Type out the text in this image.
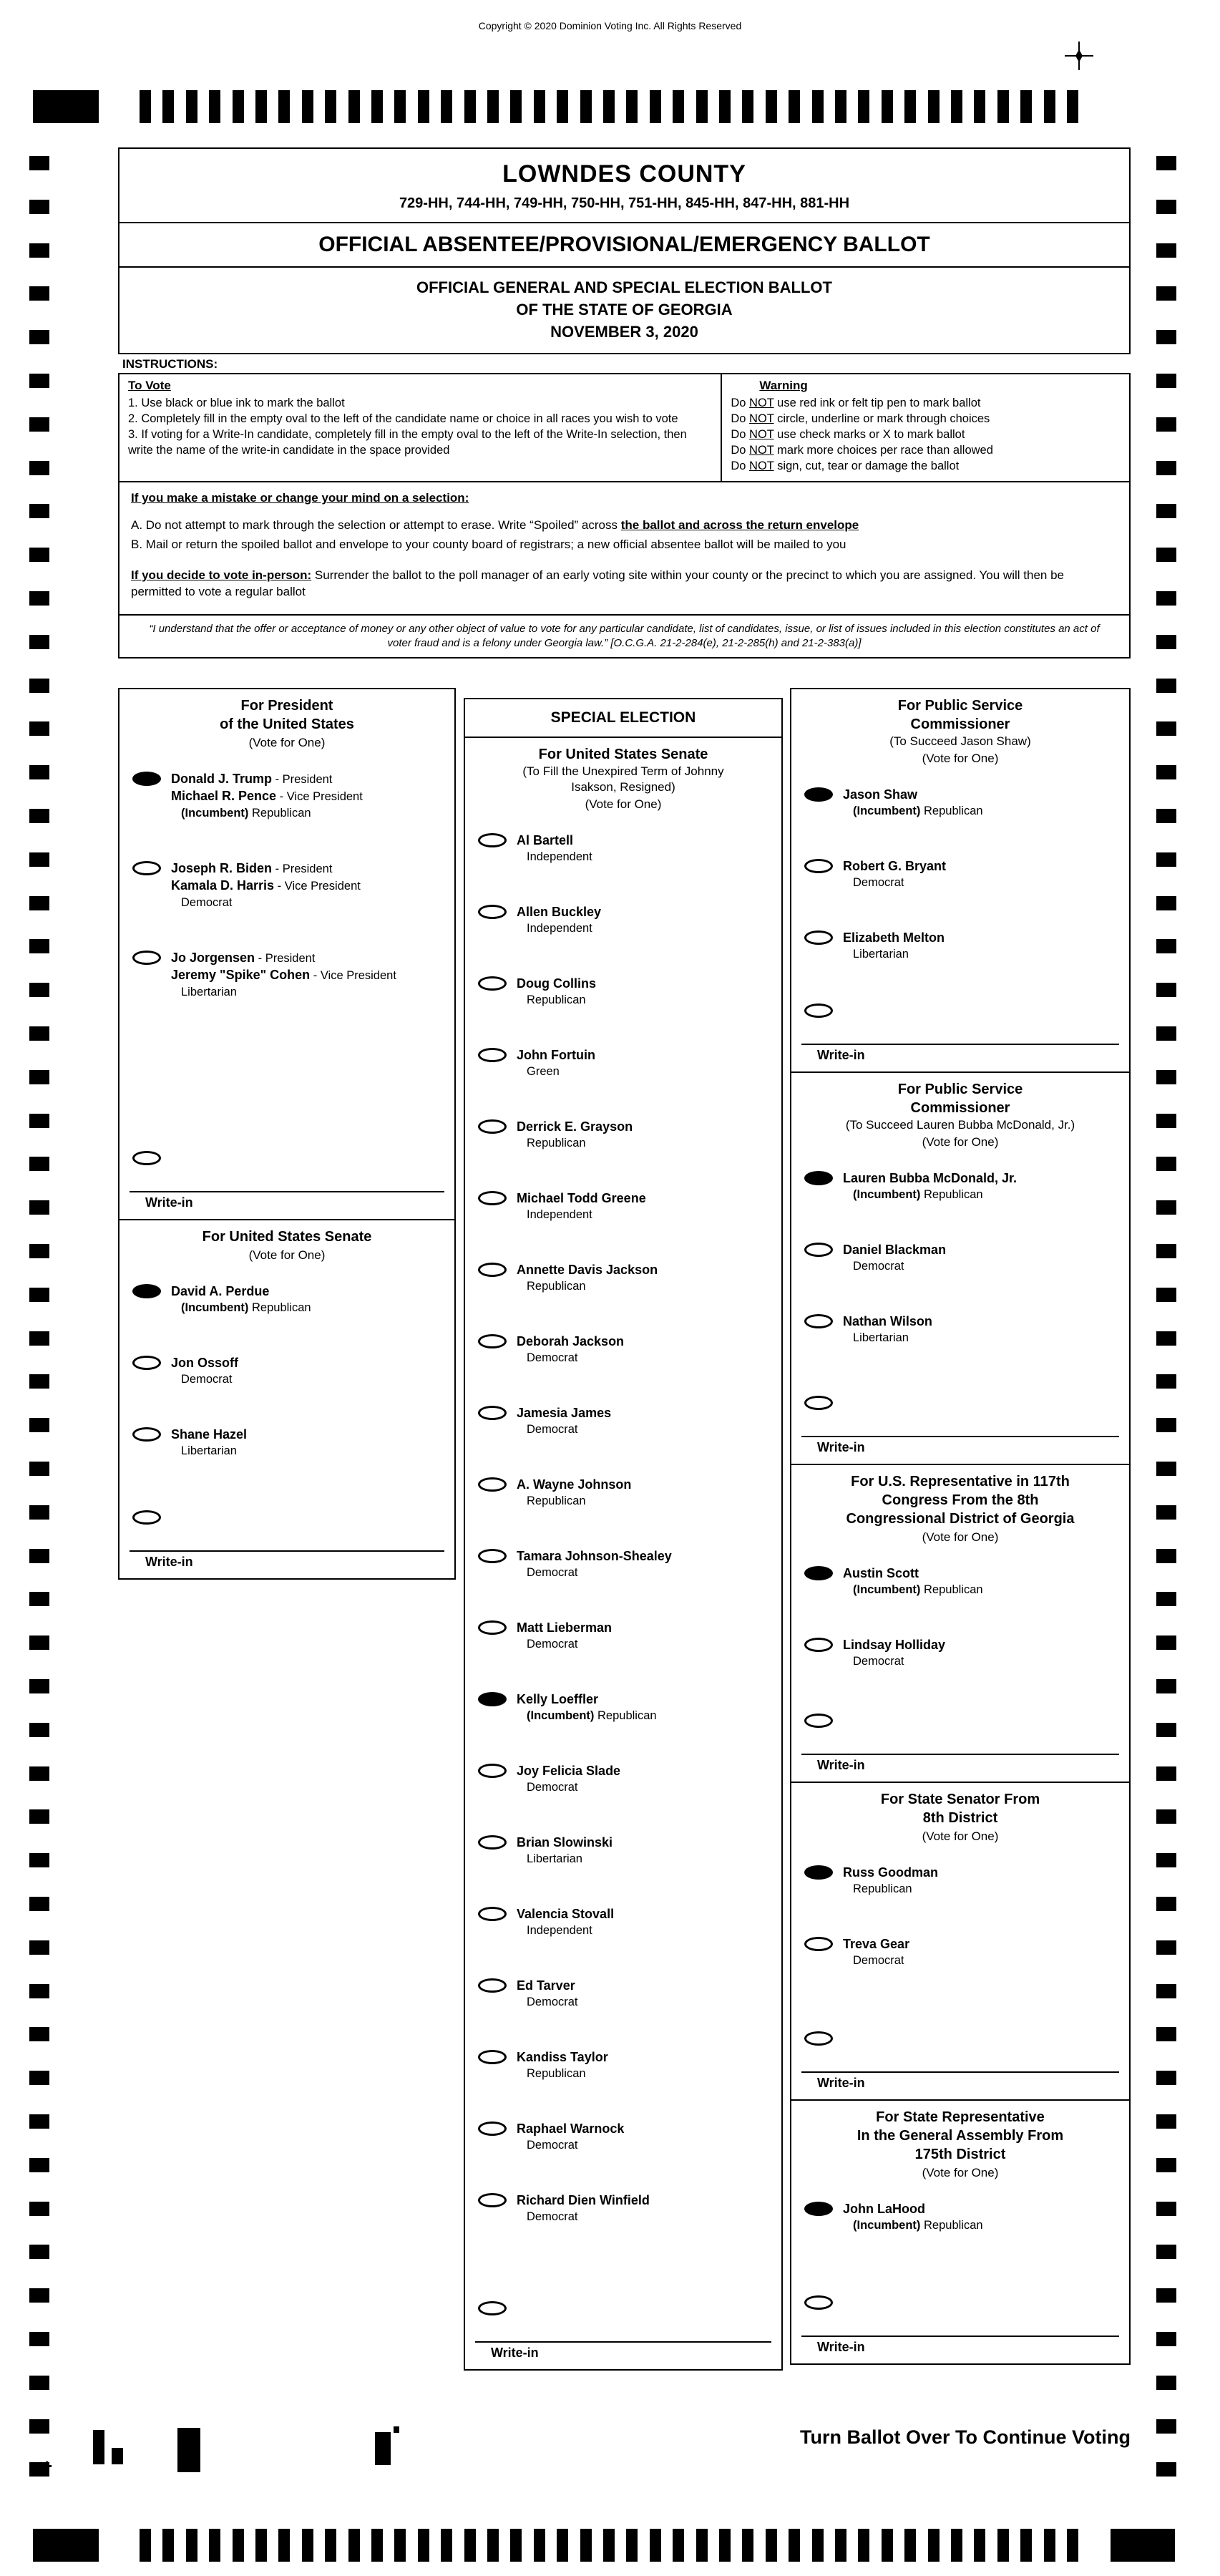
Copyright © 2020 Dominion Voting Inc. All Rights Reserved
LOWNDES COUNTY
729-HH, 744-HH, 749-HH, 750-HH, 751-HH, 845-HH, 847-HH, 881-HH
OFFICIAL ABSENTEE/PROVISIONAL/EMERGENCY BALLOT
OFFICIAL GENERAL AND SPECIAL ELECTION BALLOT
OF THE STATE OF GEORGIA
NOVEMBER 3, 2020
INSTRUCTIONS:
To Vote
1. Use black or blue ink to mark the ballot
2. Completely fill in the empty oval to the left of the candidate name or choice in all races you wish to vote
3. If voting for a Write-In candidate, completely fill in the empty oval to the left of the Write-In selection, then write the name of the write-in candidate in the space provided
Warning
Do NOT use red ink or felt tip pen to mark ballot
Do NOT circle, underline or mark through choices
Do NOT use check marks or X to mark ballot
Do NOT mark more choices per race than allowed
Do NOT sign, cut, tear or damage the ballot
If you make a mistake or change your mind on a selection:
A. Do not attempt to mark through the selection or attempt to erase. Write “Spoiled” across the ballot and across the return envelope
B. Mail or return the spoiled ballot and envelope to your county board of registrars; a new official absentee ballot will be mailed to you
If you decide to vote in-person: Surrender the ballot to the poll manager of an early voting site within your county or the precinct to which you are assigned. You will then be permitted to vote a regular ballot
“I understand that the offer or acceptance of money or any other object of value to vote for any particular candidate, list of candidates, issue, or list of issues included in this election constitutes an act of voter fraud and is a felony under Georgia law.” [O.C.G.A. 21-2-284(e), 21-2-285(h) and 21-2-383(a)]
For President
of the United States
(Vote for One)
Donald J. Trump - President
Michael R. Pence - Vice President
(Incumbent) Republican
Joseph R. Biden - President
Kamala D. Harris - Vice President
Democrat
Jo Jorgensen - President
Jeremy "Spike" Cohen - Vice President
Libertarian
Write-in
For United States Senate
(Vote for One)
David A. Perdue
(Incumbent) Republican
Jon Ossoff
Democrat
Shane Hazel
Libertarian
Write-in
SPECIAL ELECTION
For United States Senate
(To Fill the Unexpired Term of Johnny
Isakson, Resigned)
(Vote for One)
Al Bartell
Independent
Allen Buckley
Independent
Doug Collins
Republican
John Fortuin
Green
Derrick E. Grayson
Republican
Michael Todd Greene
Independent
Annette Davis Jackson
Republican
Deborah Jackson
Democrat
Jamesia James
Democrat
A. Wayne Johnson
Republican
Tamara Johnson-Shealey
Democrat
Matt Lieberman
Democrat
Kelly Loeffler
(Incumbent) Republican
Joy Felicia Slade
Democrat
Brian Slowinski
Libertarian
Valencia Stovall
Independent
Ed Tarver
Democrat
Kandiss Taylor
Republican
Raphael Warnock
Democrat
Richard Dien Winfield
Democrat
Write-in
For Public Service
Commissioner
(To Succeed Jason Shaw)
(Vote for One)
Jason Shaw
(Incumbent) Republican
Robert G. Bryant
Democrat
Elizabeth Melton
Libertarian
Write-in
For Public Service
Commissioner
(To Succeed Lauren Bubba McDonald, Jr.)
(Vote for One)
Lauren Bubba McDonald, Jr.
(Incumbent) Republican
Daniel Blackman
Democrat
Nathan Wilson
Libertarian
Write-in
For U.S. Representative in 117th
Congress From the 8th
Congressional District of Georgia
(Vote for One)
Austin Scott
(Incumbent) Republican
Lindsay Holliday
Democrat
Write-in
For State Senator From
8th District
(Vote for One)
Russ Goodman
Republican
Treva Gear
Democrat
Write-in
For State Representative
In the General Assembly From
175th District
(Vote for One)
John LaHood
(Incumbent) Republican
Write-in
Turn Ballot Over To Continue Voting
+
